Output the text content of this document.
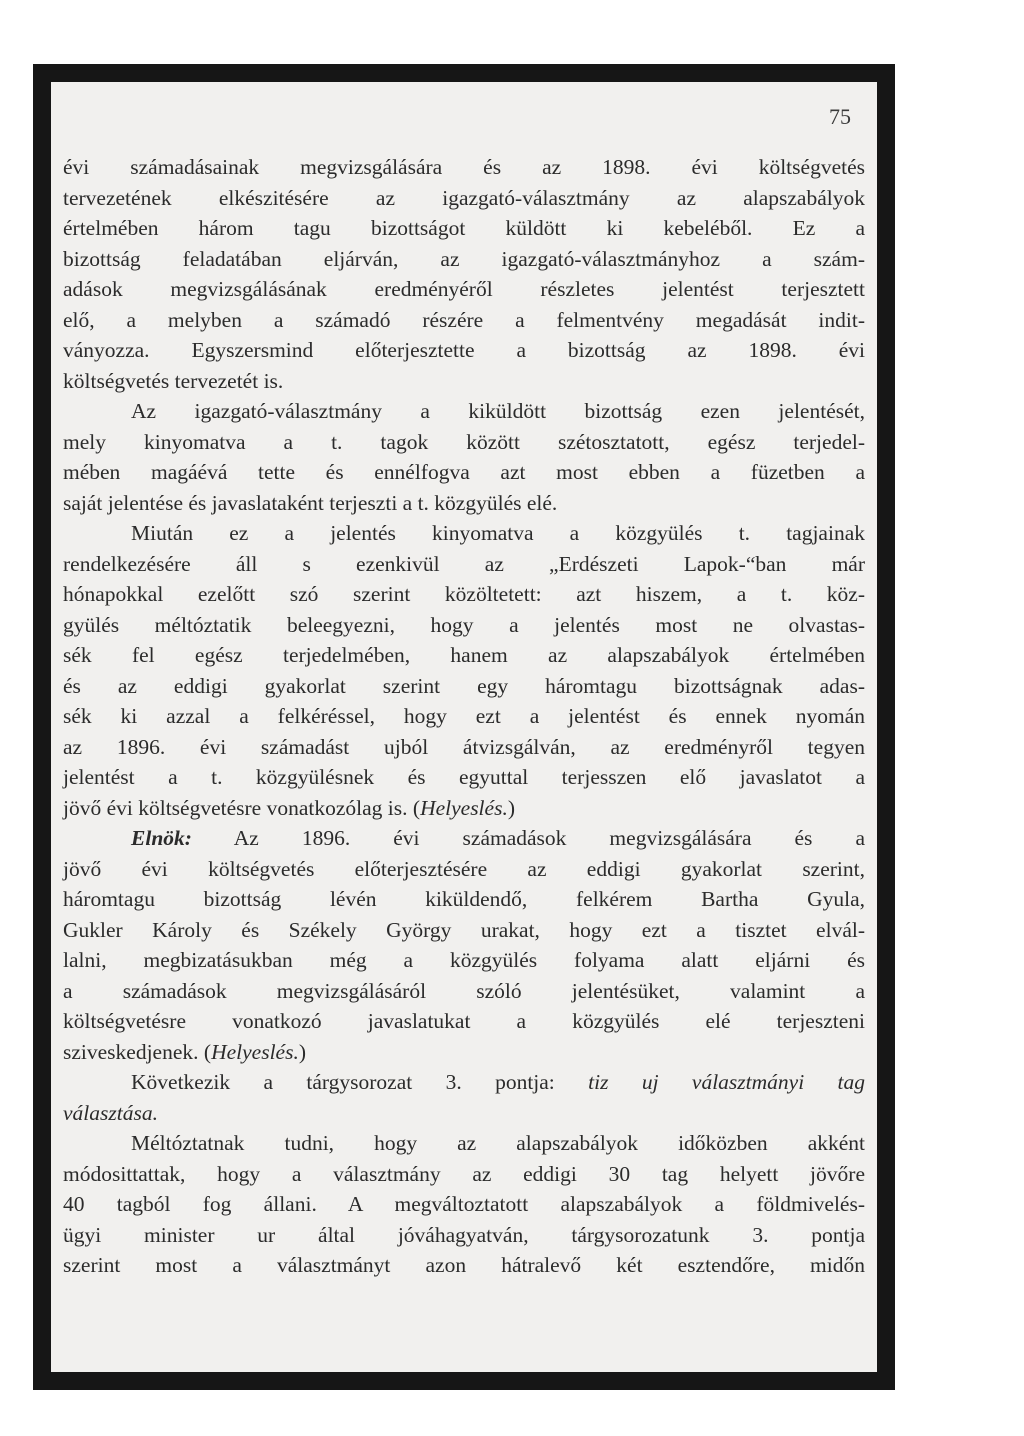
75

évi számadásainak megvizsgálására és az 1898. évi költségvetés

tervezetének elkészitésére az igazgató-választmány az alapszabályok

értelmében három tagu bizottságot küldött ki kebeléből. Ez a

bizottság feladatában eljárván, az igazgató-választmányhoz a szám-

adások megvizsgálásának eredményéről részletes jelentést terjesztett

elő, a melyben a számadó részére a felmentvény megadását indit-

ványozza. Egyszersmind előterjesztette a bizottság az 1898. évi

költségvetés tervezetét is.

Az igazgató-választmány a kiküldött bizottság ezen jelentését,

mely kinyomatva a t. tagok között szétosztatott, egész terjedel-

mében magáévá tette és ennélfogva azt most ebben a füzetben a

saját jelentése és javaslataként terjeszti a t. közgyülés elé.

Miután ez a jelentés kinyomatva a közgyülés t. tagjainak

rendelkezésére áll s ezenkivül az „Erdészeti Lapok-“ban már

hónapokkal ezelőtt szó szerint közöltetett: azt hiszem, a t. köz-

gyülés méltóztatik beleegyezni, hogy a jelentés most ne olvastas-

sék fel egész terjedelmében, hanem az alapszabályok értelmében

és az eddigi gyakorlat szerint egy háromtagu bizottságnak adas-

sék ki azzal a felkéréssel, hogy ezt a jelentést és ennek nyomán

az 1896. évi számadást ujból átvizsgálván, az eredményről tegyen

jelentést a t. közgyülésnek és egyuttal terjesszen elő javaslatot a

jövő évi költségvetésre vonatkozólag is. (Helyeslés.)

Elnök: Az 1896. évi számadások megvizsgálására és a

jövő évi költségvetés előterjesztésére az eddigi gyakorlat szerint,

háromtagu bizottság lévén kiküldendő, felkérem Bartha Gyula,

Gukler Károly és Székely György urakat, hogy ezt a tisztet elvál-

lalni, megbizatásukban még a közgyülés folyama alatt eljárni és

a számadások megvizsgálásáról szóló jelentésüket, valamint a

költségvetésre vonatkozó javaslatukat a közgyülés elé terjeszteni

sziveskedjenek. (Helyeslés.)

Következik a tárgysorozat 3. pontja: tiz uj választmányi tag

választása.

Méltóztatnak tudni, hogy az alapszabályok időközben akként

módosittattak, hogy a választmány az eddigi 30 tag helyett jövőre

40 tagból fog állani. A megváltoztatott alapszabályok a földmivelés-

ügyi minister ur által jóváhagyatván, tárgysorozatunk 3. pontja

szerint most a választmányt azon hátralevő két esztendőre, midőn
